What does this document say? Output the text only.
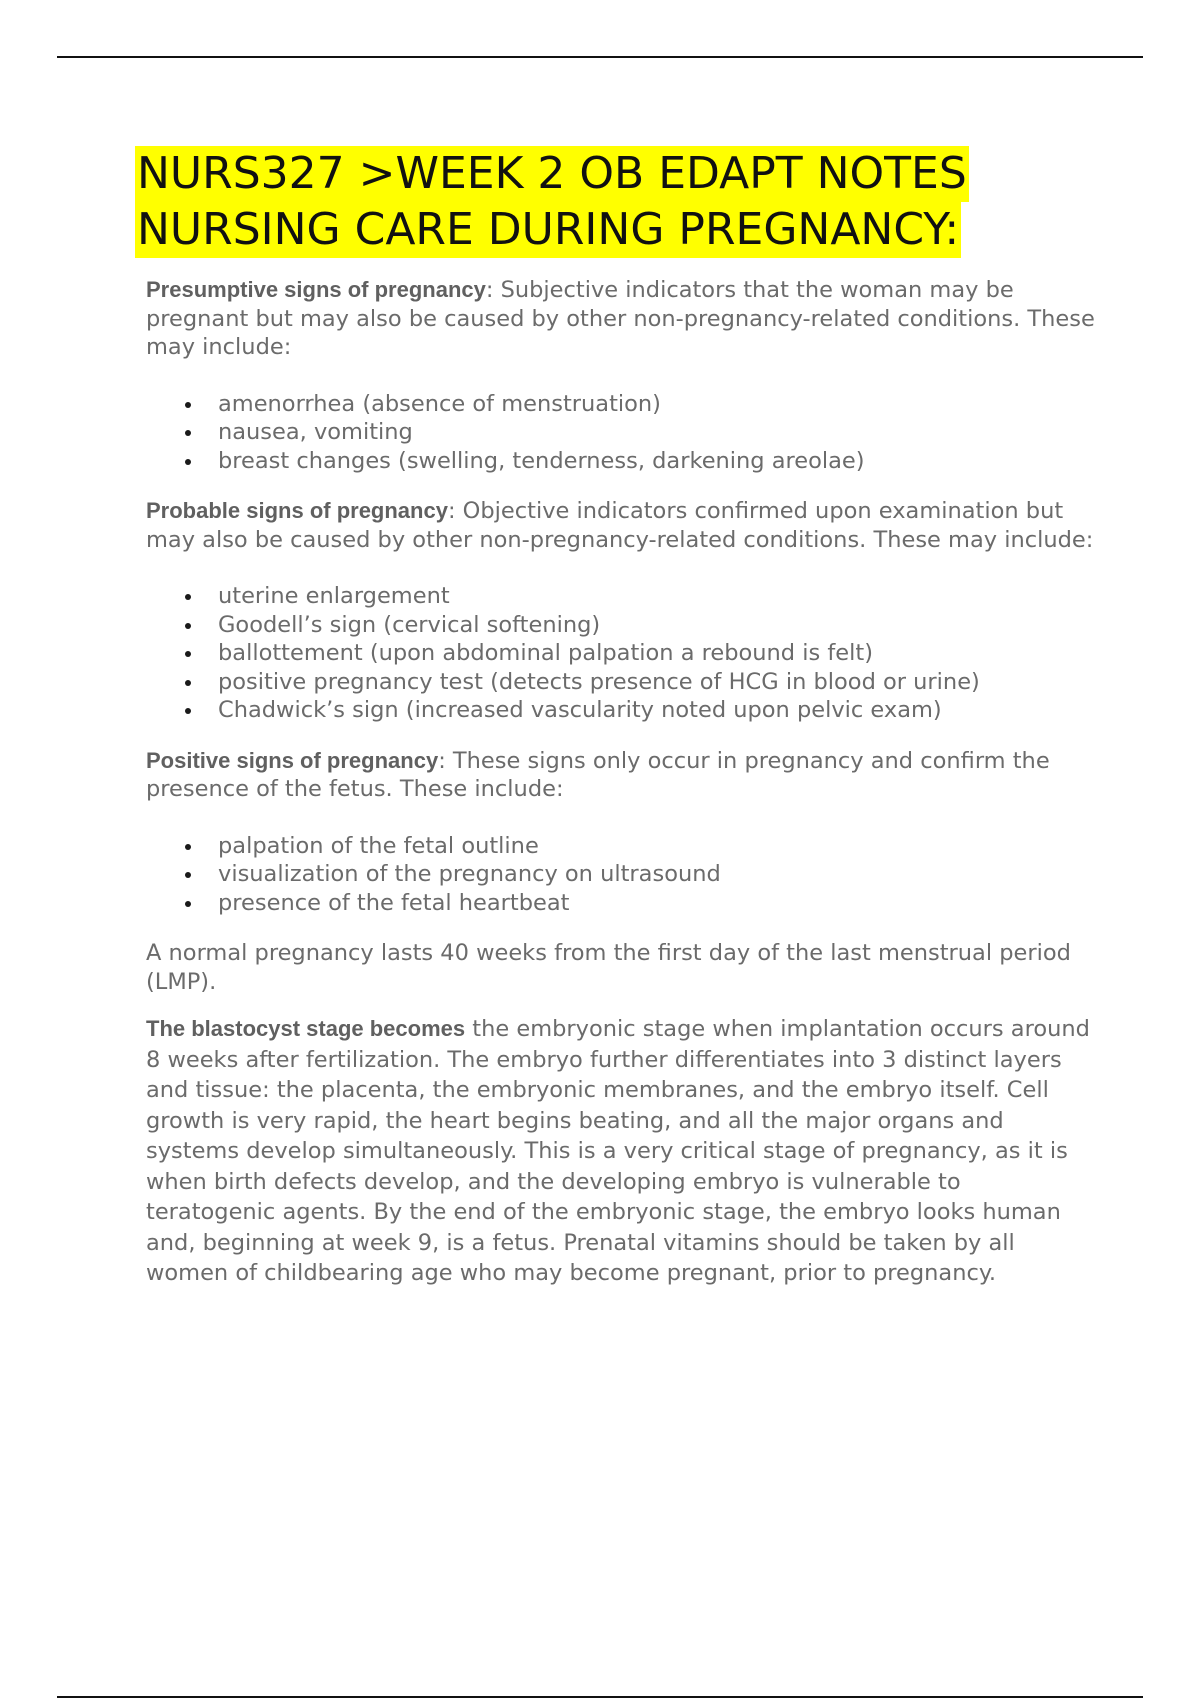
NURS327 >WEEK 2 OB EDAPT NOTES
NURSING CARE DURING PREGNANCY:

Presumptive signs of pregnancy: Subjective indicators that the woman may be pregnant but may also be caused by other non-pregnancy-related conditions. These may include:

amenorrhea (absence of menstruation)
nausea, vomiting
breast changes (swelling, tenderness, darkening areolae)

Probable signs of pregnancy: Objective indicators confirmed upon examination but may also be caused by other non-pregnancy-related conditions. These may include:

uterine enlargement
Goodell’s sign (cervical softening)
ballottement (upon abdominal palpation a rebound is felt)
positive pregnancy test (detects presence of HCG in blood or urine)
Chadwick’s sign (increased vascularity noted upon pelvic exam)

Positive signs of pregnancy: These signs only occur in pregnancy and confirm the presence of the fetus. These include:

palpation of the fetal outline
visualization of the pregnancy on ultrasound
presence of the fetal heartbeat

A normal pregnancy lasts 40 weeks from the first day of the last menstrual period (LMP).

The blastocyst stage becomes the embryonic stage when implantation occurs around 8 weeks after fertilization. The embryo further differentiates into 3 distinct layers and tissue: the placenta, the embryonic membranes, and the embryo itself. Cell growth is very rapid, the heart begins beating, and all the major organs and systems develop simultaneously. This is a very critical stage of pregnancy, as it is when birth defects develop, and the developing embryo is vulnerable to teratogenic agents. By the end of the embryonic stage, the embryo looks human and, beginning at week 9, is a fetus. Prenatal vitamins should be taken by all women of childbearing age who may become pregnant, prior to pregnancy.
